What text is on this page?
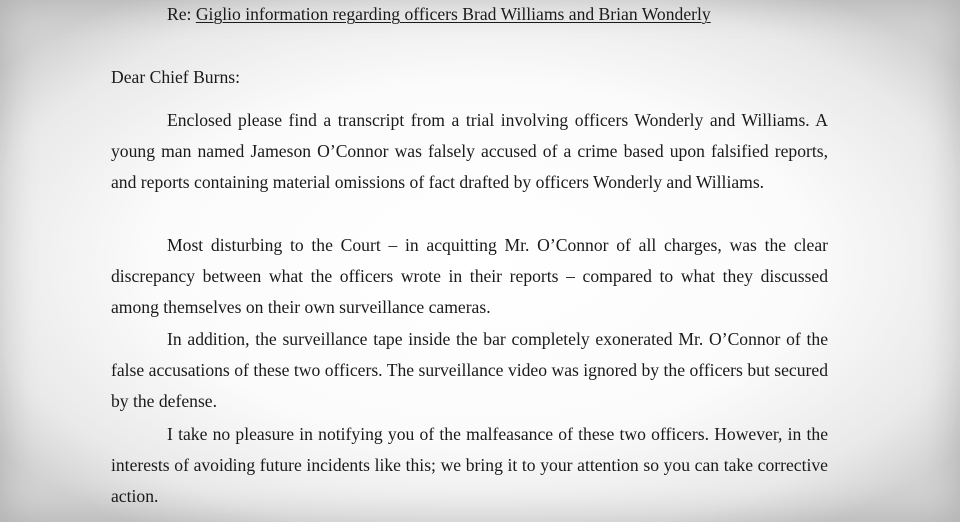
Re: Giglio information regarding officers Brad Williams and Brian Wonderly
Dear Chief Burns:

Enclosed please find a transcript from a trial involving officers Wonderly and Williams. A young man named Jameson O’Connor was falsely accused of a crime based upon falsified reports, and reports containing material omissions of fact drafted by officers Wonderly and Williams.

Most disturbing to the Court – in acquitting Mr. O’Connor of all charges, was the clear discrepancy between what the officers wrote in their reports – compared to what they discussed among themselves on their own surveillance cameras.

In addition, the surveillance tape inside the bar completely exonerated Mr. O’Connor of the false accusations of these two officers. The surveillance video was ignored by the officers but secured by the defense.

I take no pleasure in notifying you of the malfeasance of these two officers. However, in the interests of avoiding future incidents like this; we bring it to your attention so you can take corrective action.
